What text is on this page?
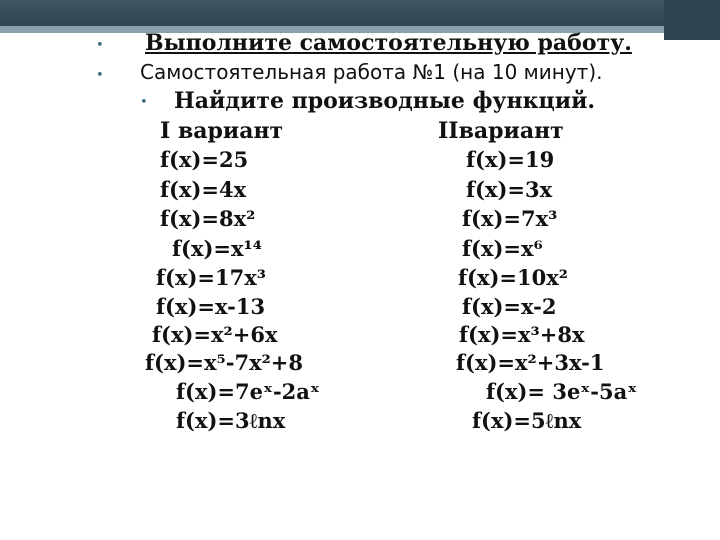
• Выполните самостоятельную работу.
• Самостоятельная работа №1 (на 10 минут).
• Найдите производные функций.
I вариант	IIвариант
f(x)=25
f(x)=4x
f(x)=8x²
f(x)=x¹⁴
f(x)=17x³
f(x)=x-13
f(x)=x²+6x
f(x)=x⁵-7x²+8
f(x)=7eˣ-2aˣ
f(x)=3ℓnx
f(x)=19
f(x)=3x
f(x)=7x³
f(x)=x⁶
f(x)=10x²
f(x)=x-2
f(x)=x³+8x
f(x)=x²+3x-1
f(x)= 3eˣ-5aˣ
f(x)=5ℓnx
